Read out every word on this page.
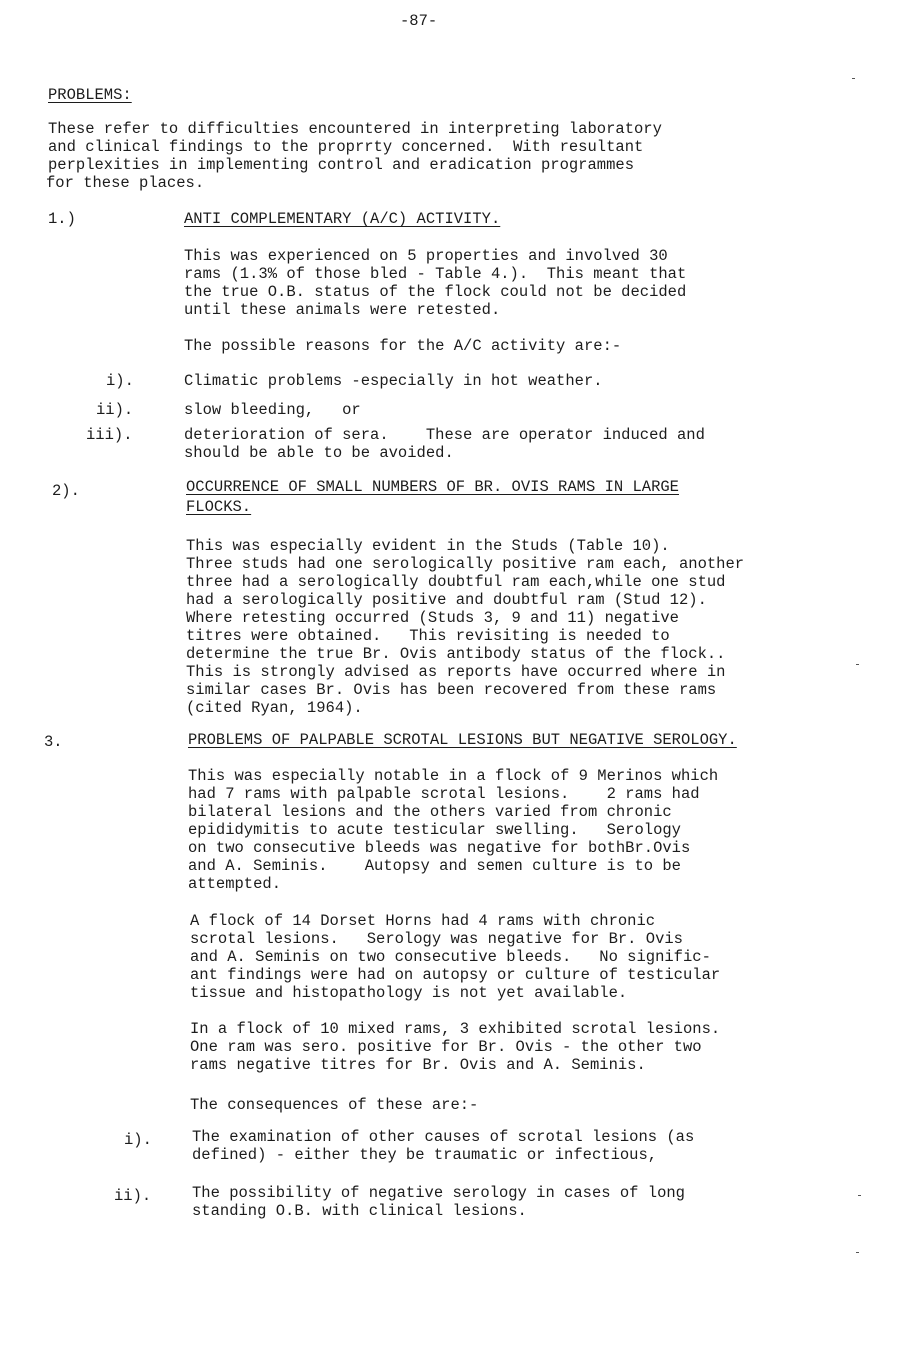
-87-
PROBLEMS:
These refer to difficulties encountered in interpreting laboratory
and clinical findings to the proprrty concerned.  With resultant
perplexities in implementing control and eradication programmes
for these places.
1.)	ANTI COMPLEMENTARY (A/C) ACTIVITY.
This was experienced on 5 properties and involved 30
rams (1.3% of those bled - Table 4.).  This meant that
the true O.B. status of the flock could not be decided
until these animals were retested.
The possible reasons for the A/C activity are:-
i).	Climatic problems -especially in hot weather.
ii).	slow bleeding,   or
iii).	deterioration of sera.    These are operator induced and
should be able to be avoided.
2).	OCCURRENCE OF SMALL NUMBERS OF BR. OVIS RAMS IN LARGE
FLOCKS.
This was especially evident in the Studs (Table 10).
Three studs had one serologically positive ram each, another
three had a serologically doubtful ram each,while one stud
had a serologically positive and doubtful ram (Stud 12).
Where retesting occurred (Studs 3, 9 and 11) negative
titres were obtained.   This revisiting is needed to
determine the true Br. Ovis antibody status of the flock..
This is strongly advised as reports have occurred where in
similar cases Br. Ovis has been recovered from these rams
(cited Ryan, 1964).
3.	PROBLEMS OF PALPABLE SCROTAL LESIONS BUT NEGATIVE SEROLOGY.
This was especially notable in a flock of 9 Merinos which
had 7 rams with palpable scrotal lesions.    2 rams had
bilateral lesions and the others varied from chronic
epididymitis to acute testicular swelling.   Serology
on two consecutive bleeds was negative for bothBr.Ovis
and A. Seminis.    Autopsy and semen culture is to be
attempted.
A flock of 14 Dorset Horns had 4 rams with chronic
scrotal lesions.   Serology was negative for Br. Ovis
and A. Seminis on two consecutive bleeds.   No signific-
ant findings were had on autopsy or culture of testicular
tissue and histopathology is not yet available.
In a flock of 10 mixed rams, 3 exhibited scrotal lesions.
One ram was sero. positive for Br. Ovis - the other two
rams negative titres for Br. Ovis and A. Seminis.
The consequences of these are:-
i).	The examination of other causes of scrotal lesions (as
defined) - either they be traumatic or infectious,
ii).	The possibility of negative serology in cases of long
standing O.B. with clinical lesions.
